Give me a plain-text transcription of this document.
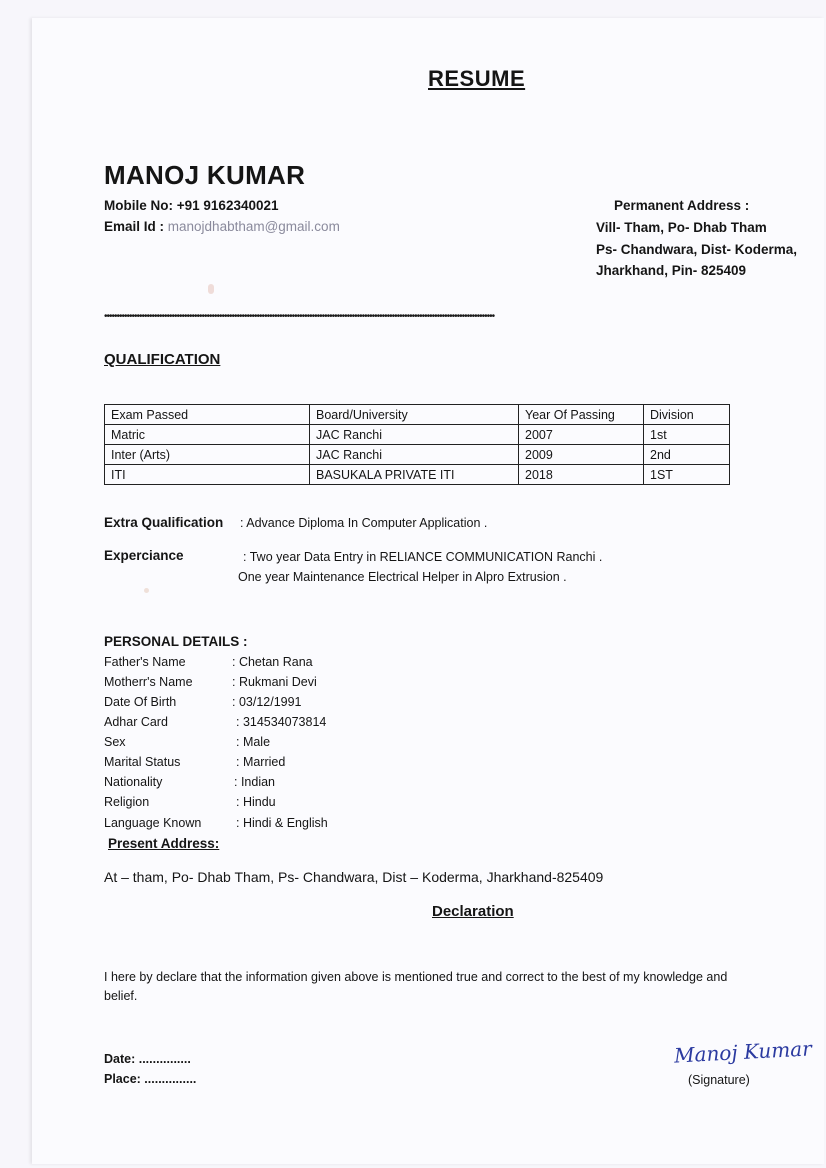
RESUME
MANOJ KUMAR
Mobile No: +91 9162340021
Email Id : manojdhabtham@gmail.com
Permanent Address :
Vill- Tham, Po- Dhab Tham
Ps- Chandwara, Dist- Koderma,
Jharkhand, Pin- 825409
••••••••••••••••••••••••••••••••••••••••••••••••••••••••••••••••••••••••••••••••••••••••••••••••••••••••••••••••••••••••••••••••••••••••••••••••••••••••••••
QUALIFICATION
Exam Passed	Board/University	Year Of Passing	Division
Matric	JAC Ranchi	2007	1st
Inter (Arts)	JAC Ranchi	2009	2nd
ITI	BASUKALA PRIVATE ITI	2018	1ST
Extra Qualification : Advance Diploma In Computer Application .
Experciance	: Two year Data Entry in RELIANCE COMMUNICATION Ranchi .
One year Maintenance Electrical Helper in Alpro Extrusion .
PERSONAL DETAILS :
Father's Name	: Chetan Rana
Motherr's Name	: Rukmani Devi
Date Of Birth	: 03/12/1991
Adhar Card	: 314534073814
Sex	: Male
Marital Status	: Married
Nationality	: Indian
Religion	: Hindu
Language Known	: Hindi & English
Present Address:
At – tham, Po- Dhab Tham, Ps- Chandwara, Dist – Koderma, Jharkhand-825409
Declaration
I here by declare that the information given above is mentioned true and correct to the best of my knowledge and
belief.
Date: ...............
Place: ...............
Manoj Kumar
(Signature)
